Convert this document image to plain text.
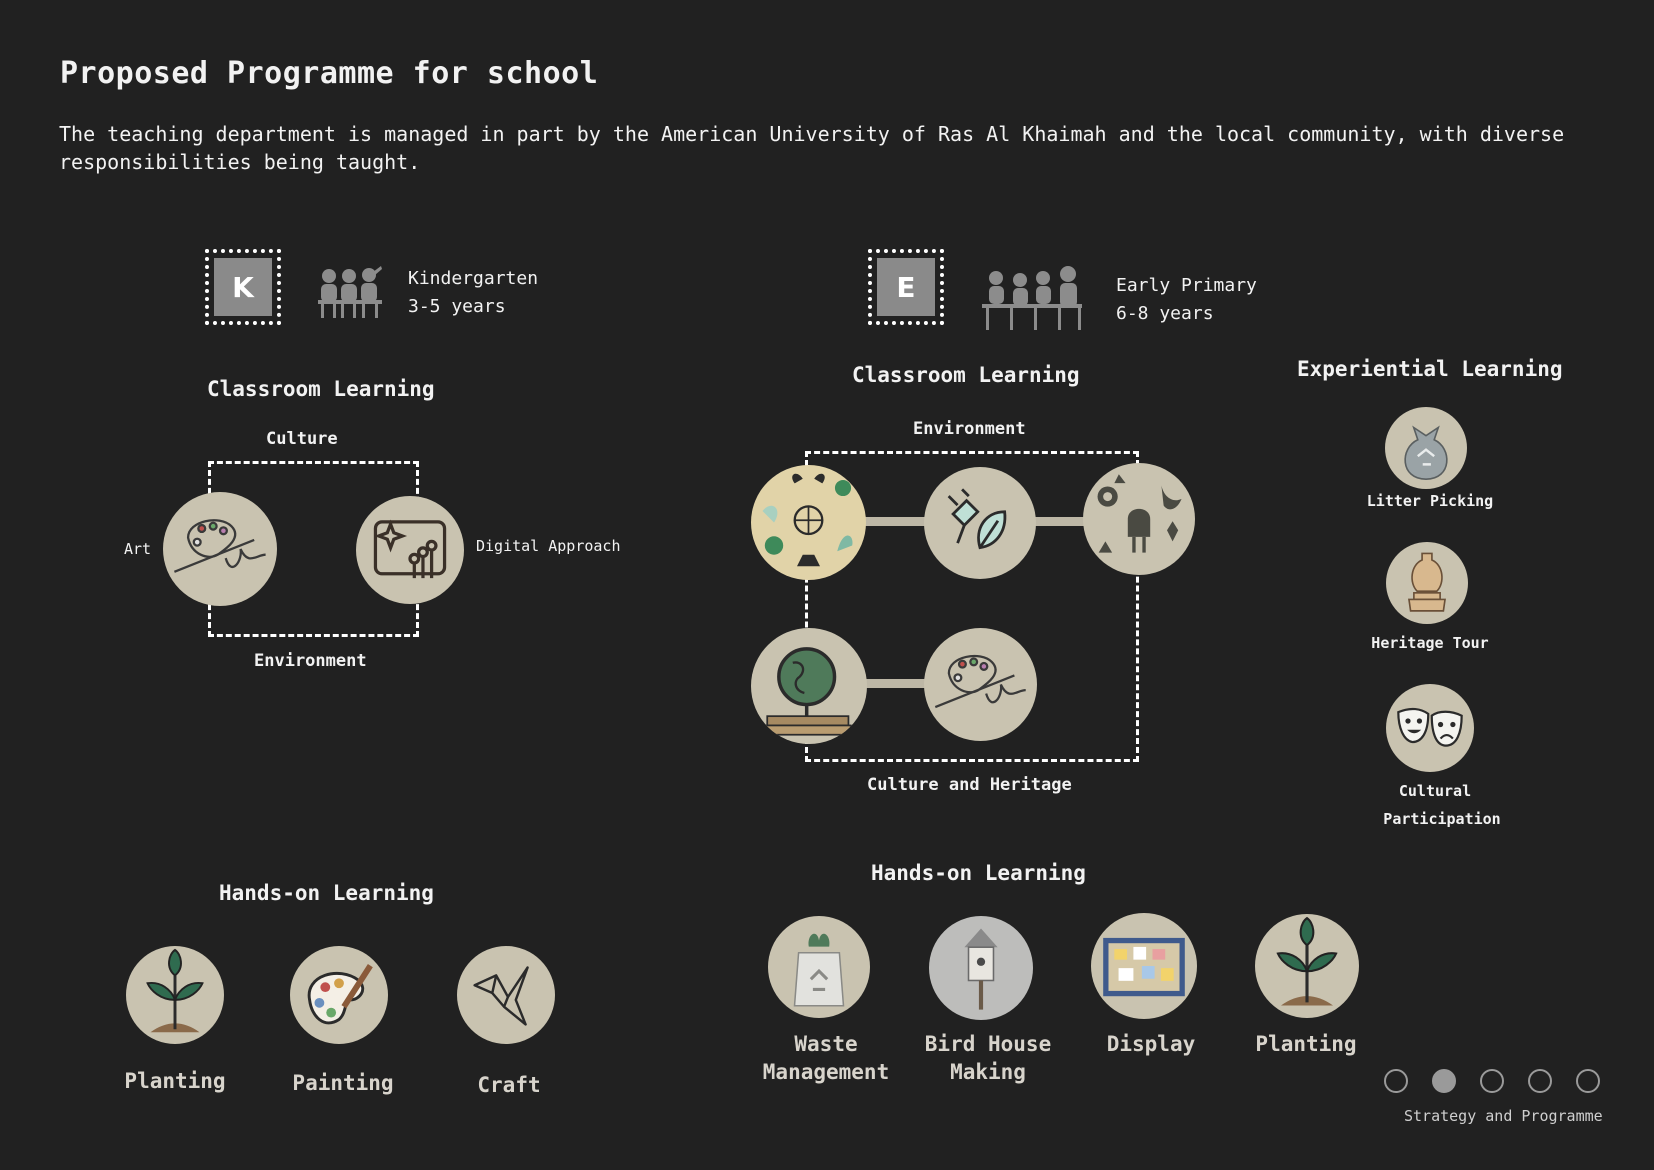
Proposed Programme for school
The teaching department is managed in part by the American University of Ras Al Khaimah and the local community, with diverse responsibilities being taught.
K	Kindergarten
3-5 years
Classroom Learning
Culture
Environment
Art	Digital Approach
Hands-on Learning
Planting	Painting	Craft
E	Early Primary
6-8 years
Classroom Learning
Environment
Culture and Heritage
Experiential Learning
Litter Picking
Heritage Tour
Cultural
Participation
Hands-on Learning
Waste
Management
Bird House
Making
Display	Planting
Strategy and Programme
